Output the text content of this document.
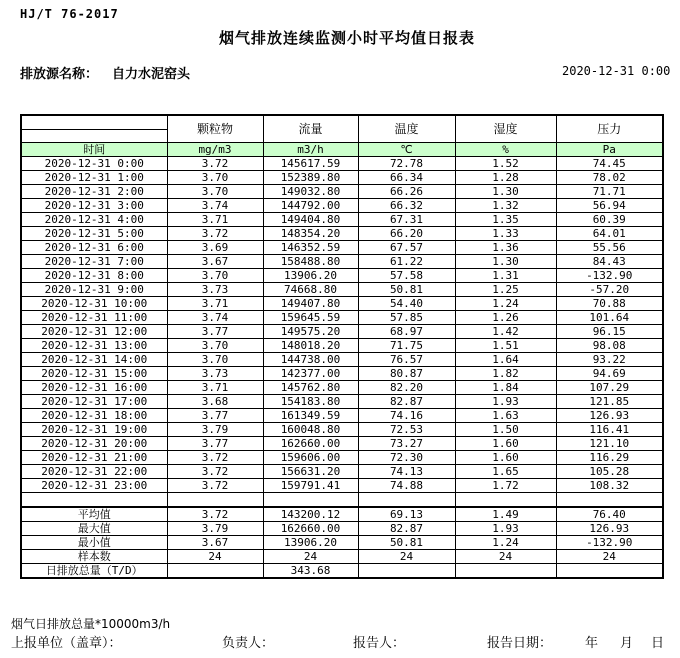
HJ/T 76-2017
烟气排放连续监测小时平均值日报表
排放源名称： 自力水泥窑头	2020-12-31 0:00
	颗粒物	流量	温度	湿度	压力

时间	mg/m3	m3/h	℃	%	Pa
2020-12-31 0:00	3.72	145617.59	72.78	1.52	74.45
2020-12-31 1:00	3.70	152389.80	66.34	1.28	78.02
2020-12-31 2:00	3.70	149032.80	66.26	1.30	71.71
2020-12-31 3:00	3.74	144792.00	66.32	1.32	56.94
2020-12-31 4:00	3.71	149404.80	67.31	1.35	60.39
2020-12-31 5:00	3.72	148354.20	66.20	1.33	64.01
2020-12-31 6:00	3.69	146352.59	67.57	1.36	55.56
2020-12-31 7:00	3.67	158488.80	61.22	1.30	84.43
2020-12-31 8:00	3.70	13906.20	57.58	1.31	-132.90
2020-12-31 9:00	3.73	74668.80	50.81	1.25	-57.20
2020-12-31 10:00	3.71	149407.80	54.40	1.24	70.88
2020-12-31 11:00	3.74	159645.59	57.85	1.26	101.64
2020-12-31 12:00	3.77	149575.20	68.97	1.42	96.15
2020-12-31 13:00	3.70	148018.20	71.75	1.51	98.08
2020-12-31 14:00	3.70	144738.00	76.57	1.64	93.22
2020-12-31 15:00	3.73	142377.00	80.87	1.82	94.69
2020-12-31 16:00	3.71	145762.80	82.20	1.84	107.29
2020-12-31 17:00	3.68	154183.80	82.87	1.93	121.85
2020-12-31 18:00	3.77	161349.59	74.16	1.63	126.93
2020-12-31 19:00	3.79	160048.80	72.53	1.50	116.41
2020-12-31 20:00	3.77	162660.00	73.27	1.60	121.10
2020-12-31 21:00	3.72	159606.00	72.30	1.60	116.29
2020-12-31 22:00	3.72	156631.20	74.13	1.65	105.28
2020-12-31 23:00	3.72	159791.41	74.88	1.72	108.32

平均值	3.72	143200.12	69.13	1.49	76.40
最大值	3.79	162660.00	82.87	1.93	126.93
最小值	3.67	13906.20	50.81	1.24	-132.90
样本数	24	24	24	24	24
日排放总量（T/D）		343.68			
烟气日排放总量*10000m3/h
上报单位（盖章）：	负责人：	报告人：	报告日期：	年 月 日
